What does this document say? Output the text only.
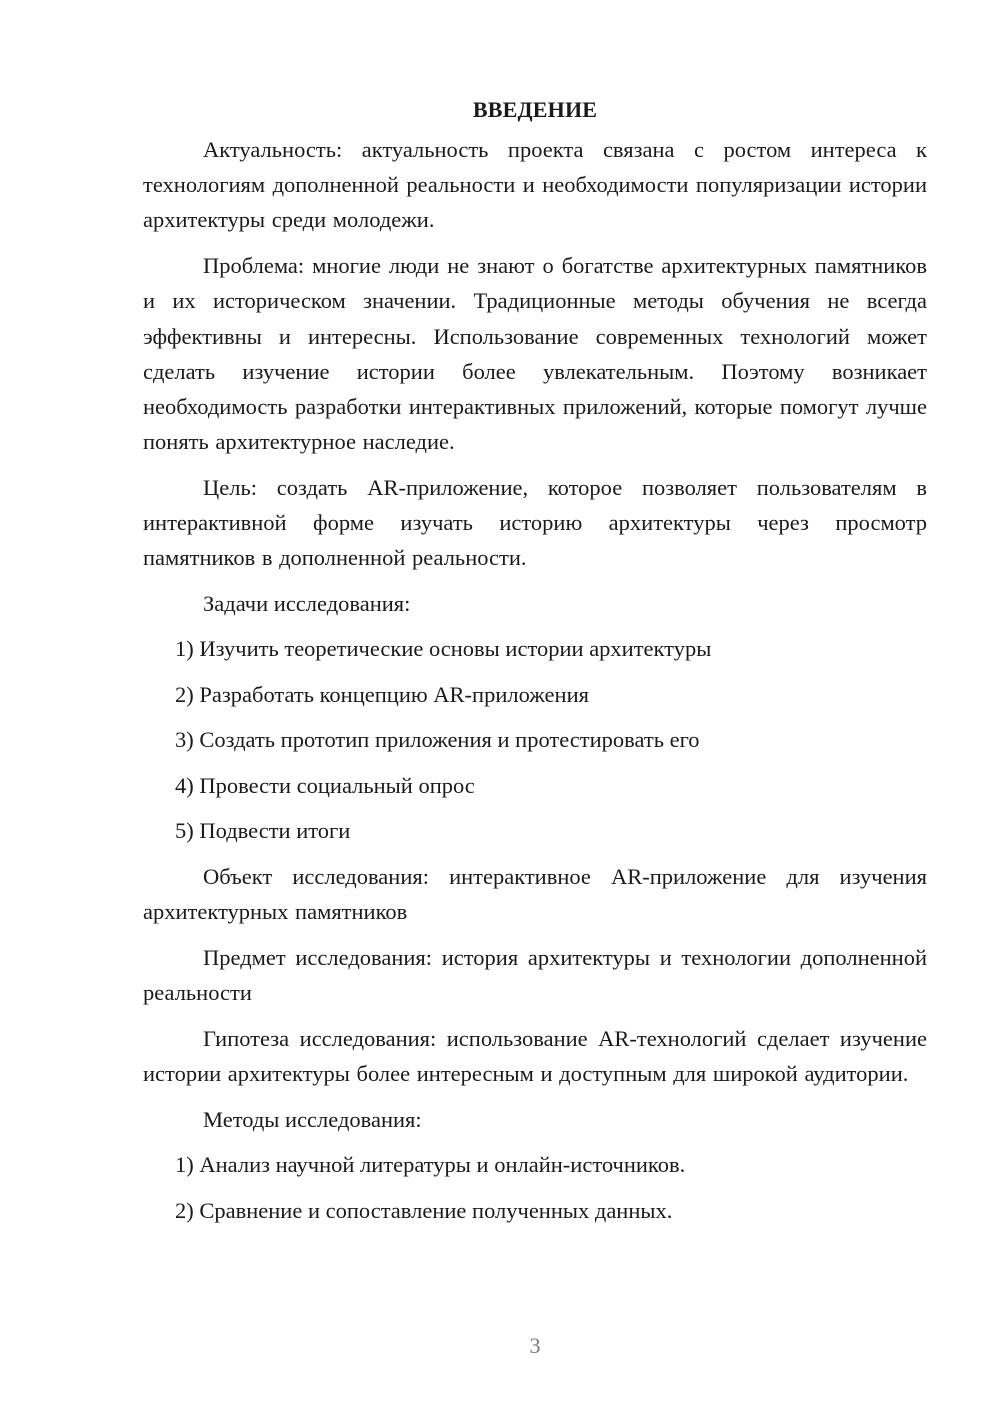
ВВЕДЕНИЕ

Актуальность: актуальность проекта связана с ростом интереса к технологиям дополненной реальности и необходимости популяризации истории архитектуры среди молодежи.

Проблема: многие люди не знают о богатстве архитектурных памятников и их историческом значении. Традиционные методы обучения не всегда эффективны и интересны. Использование современных технологий может сделать изучение истории более увлекательным. Поэтому возникает необходимость разработки интерактивных приложений, которые помогут лучше понять архитектурное наследие.

Цель: создать AR-приложение, которое позволяет пользователям в интерактивной форме изучать историю архитектуры через просмотр памятников в дополненной реальности.

Задачи исследования:
1) Изучить теоретические основы истории архитектуры
2) Разработать концепцию AR-приложения
3) Создать прототип приложения и протестировать его
4) Провести социальный опрос
5) Подвести итоги

Объект исследования: интерактивное AR-приложение для изучения архитектурных памятников

Предмет исследования: история архитектуры и технологии дополненной реальности

Гипотеза исследования: использование AR-технологий сделает изучение истории архитектуры более интересным и доступным для широкой аудитории.

Методы исследования:
1) Анализ научной литературы и онлайн-источников.
2) Сравнение и сопоставление полученных данных.
3
